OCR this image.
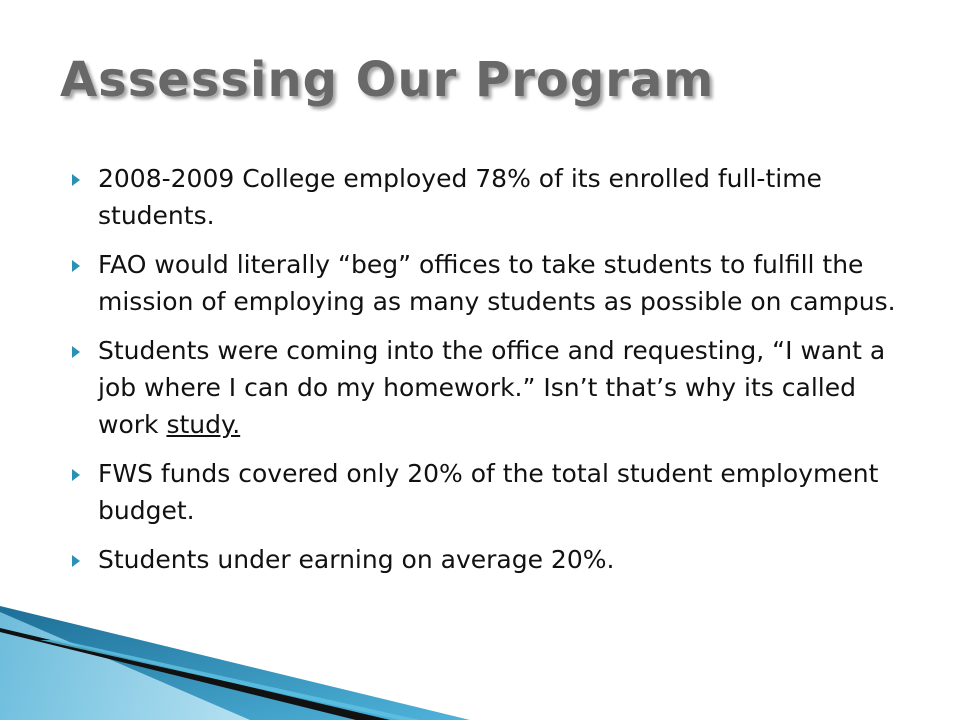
Assessing Our Program
2008-2009 College employed 78% of its enrolled full-time students.
FAO would literally “beg” offices to take students to fulfill the mission of employing as many students as possible on campus.
Students were coming into the office and requesting, “I want a job where I can do my homework.” Isn’t that’s why its called work study.
FWS funds covered only 20% of the total student employment budget.
Students under earning on average 20%.
